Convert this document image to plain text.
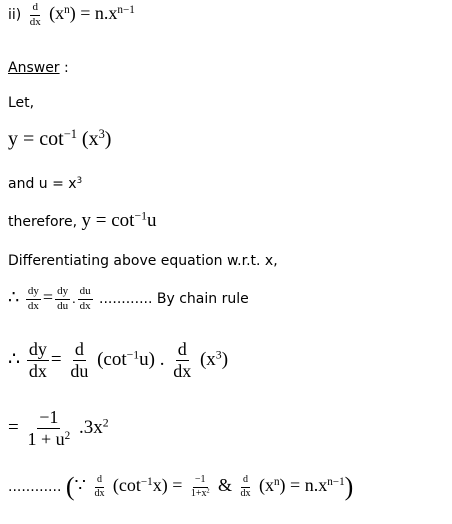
$ii) \frac{d}{dx} (x^n) = n.x^{n-1}$
Answer :
Let,
$y = \cot^{-1} (x^3)$
and $u = x^3$
therefore, $y = \cot^{-1}u$
Differentiating above equation w.r.t. x,
∴ $\frac{dy}{dx} = \frac{dy}{du}$ . $\frac{du}{dx}$ ............ By chain rule
∴ $\frac{dy}{dx} = \frac{d}{du} (\cot^{-1}u)$ . $\frac{d}{dx} (x^3)$
= $\frac{-1}{1 + u^2} .3x^2$
............ (∵ $\frac{d}{dx} (\cot^{-1}x) = \frac{-1}{1+x^2}$ & $\frac{d}{dx} (x^n) = n.x^{n-1}$)
